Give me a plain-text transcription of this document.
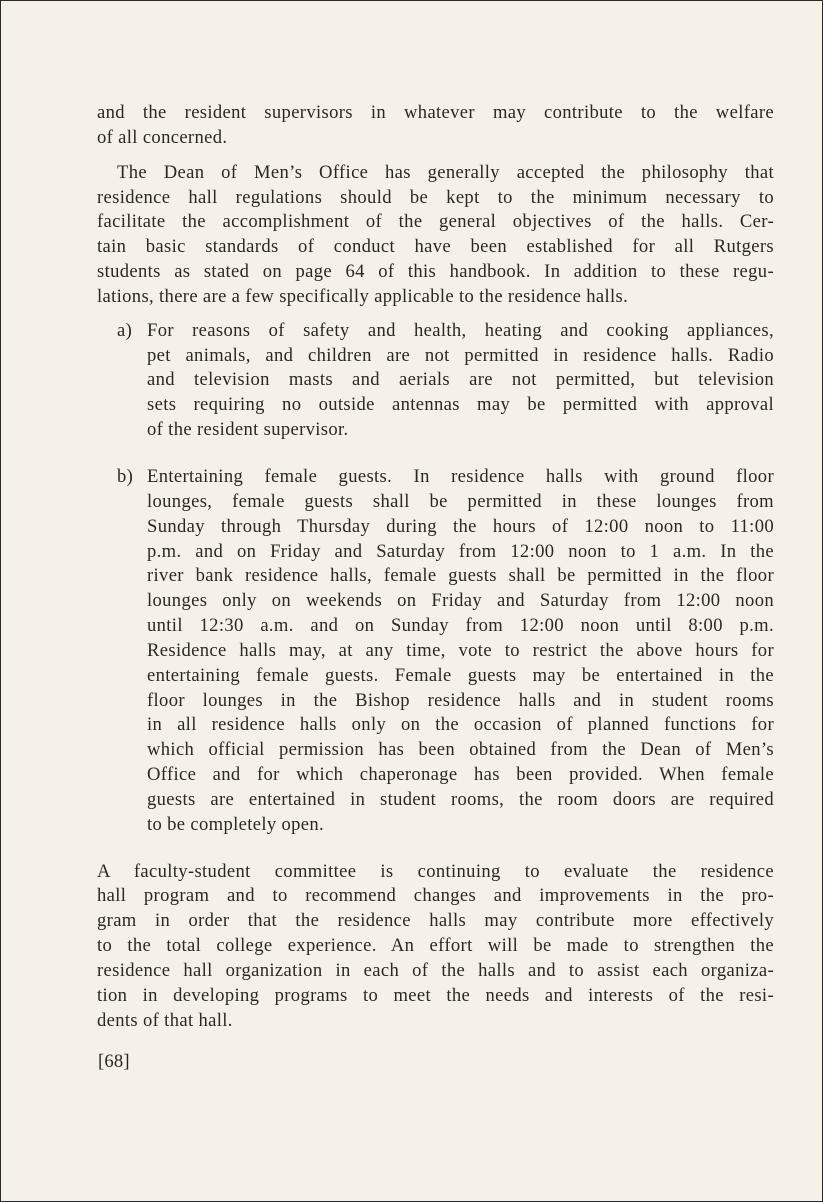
and the resident supervisors in whatever may contribute to the welfare
of all concerned.
The Dean of Men’s Office has generally accepted the philosophy that
residence hall regulations should be kept to the minimum necessary to
facilitate the accomplishment of the general objectives of the halls. Cer-
tain basic standards of conduct have been established for all Rutgers
students as stated on page 64 of this handbook. In addition to these regu-
lations, there are a few specifically applicable to the residence halls.
a) For reasons of safety and health, heating and cooking appliances,
pet animals, and children are not permitted in residence halls. Radio
and television masts and aerials are not permitted, but television
sets requiring no outside antennas may be permitted with approval
of the resident supervisor.
b) Entertaining female guests. In residence halls with ground floor
lounges, female guests shall be permitted in these lounges from
Sunday through Thursday during the hours of 12:00 noon to 11:00
p.m. and on Friday and Saturday from 12:00 noon to 1 a.m. In the
river bank residence halls, female guests shall be permitted in the floor
lounges only on weekends on Friday and Saturday from 12:00 noon
until 12:30 a.m. and on Sunday from 12:00 noon until 8:00 p.m.
Residence halls may, at any time, vote to restrict the above hours for
entertaining female guests. Female guests may be entertained in the
floor lounges in the Bishop residence halls and in student rooms
in all residence halls only on the occasion of planned functions for
which official permission has been obtained from the Dean of Men’s
Office and for which chaperonage has been provided. When female
guests are entertained in student rooms, the room doors are required
to be completely open.
A faculty-student committee is continuing to evaluate the residence
hall program and to recommend changes and improvements in the pro-
gram in order that the residence halls may contribute more effectively
to the total college experience. An effort will be made to strengthen the
residence hall organization in each of the halls and to assist each organiza-
tion in developing programs to meet the needs and interests of the resi-
dents of that hall.
[68]
